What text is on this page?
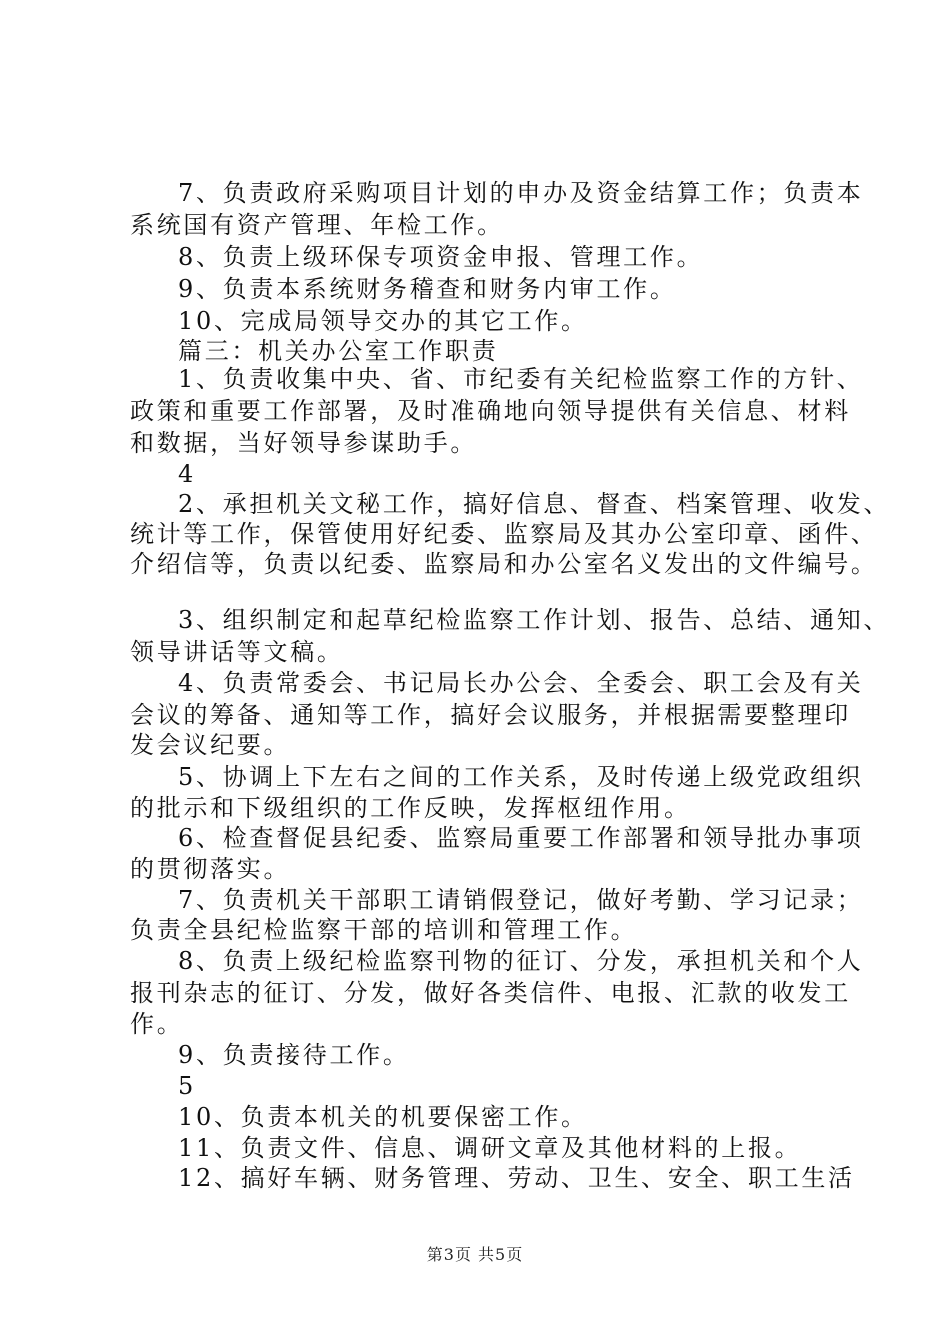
7、负责政府采购项目计划的申办及资金结算工作；负责本
系统国有资产管理、年检工作。
8、负责上级环保专项资金申报、管理工作。
9、负责本系统财务稽查和财务内审工作。
10、完成局领导交办的其它工作。
篇三：机关办公室工作职责
1、负责收集中央、省、市纪委有关纪检监察工作的方针、
政策和重要工作部署，及时准确地向领导提供有关信息、材料
和数据，当好领导参谋助手。
4
2、承担机关文秘工作，搞好信息、督查、档案管理、收发、
统计等工作，保管使用好纪委、监察局及其办公室印章、函件、
介绍信等，负责以纪委、监察局和办公室名义发出的文件编号。
3、组织制定和起草纪检监察工作计划、报告、总结、通知、
领导讲话等文稿。
4、负责常委会、书记局长办公会、全委会、职工会及有关
会议的筹备、通知等工作，搞好会议服务，并根据需要整理印
发会议纪要。
5、协调上下左右之间的工作关系，及时传递上级党政组织
的批示和下级组织的工作反映，发挥枢纽作用。
6、检查督促县纪委、监察局重要工作部署和领导批办事项
的贯彻落实。
7、负责机关干部职工请销假登记，做好考勤、学习记录；
负责全县纪检监察干部的培训和管理工作。
8、负责上级纪检监察刊物的征订、分发，承担机关和个人
报刊杂志的征订、分发，做好各类信件、电报、汇款的收发工
作。
9、负责接待工作。
5
10、负责本机关的机要保密工作。
11、负责文件、信息、调研文章及其他材料的上报。
12、搞好车辆、财务管理、劳动、卫生、安全、职工生活
第3页 共5页
